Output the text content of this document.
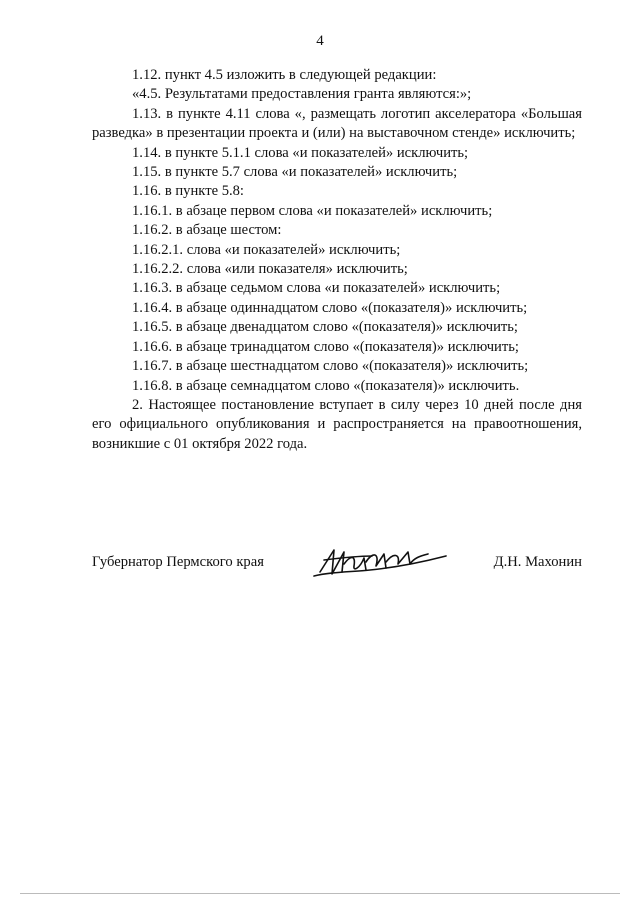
4

1.12. пункт 4.5 изложить в следующей редакции:

«4.5. Результатами предоставления гранта являются:»;

1.13. в пункте 4.11 слова «, размещать логотип акселератора «Большая разведка» в презентации проекта и (или) на выставочном стенде» исключить;

1.14. в пункте 5.1.1 слова «и показателей» исключить;

1.15. в пункте 5.7 слова «и показателей» исключить;

1.16. в пункте 5.8:

1.16.1. в абзаце первом слова «и показателей» исключить;

1.16.2. в абзаце шестом:

1.16.2.1. слова «и показателей» исключить;

1.16.2.2. слова «или показателя» исключить;

1.16.3. в абзаце седьмом слова «и показателей» исключить;

1.16.4. в абзаце одиннадцатом слово «(показателя)» исключить;

1.16.5. в абзаце двенадцатом слово «(показателя)» исключить;

1.16.6. в абзаце тринадцатом слово «(показателя)» исключить;

1.16.7. в абзаце шестнадцатом слово «(показателя)» исключить;

1.16.8. в абзаце семнадцатом слово «(показателя)» исключить.

2. Настоящее постановление вступает в силу через 10 дней после дня его официального опубликования и распространяется на правоотношения, возникшие с 01 октября 2022 года.

Губернатор Пермского края	Д.Н. Махонин
